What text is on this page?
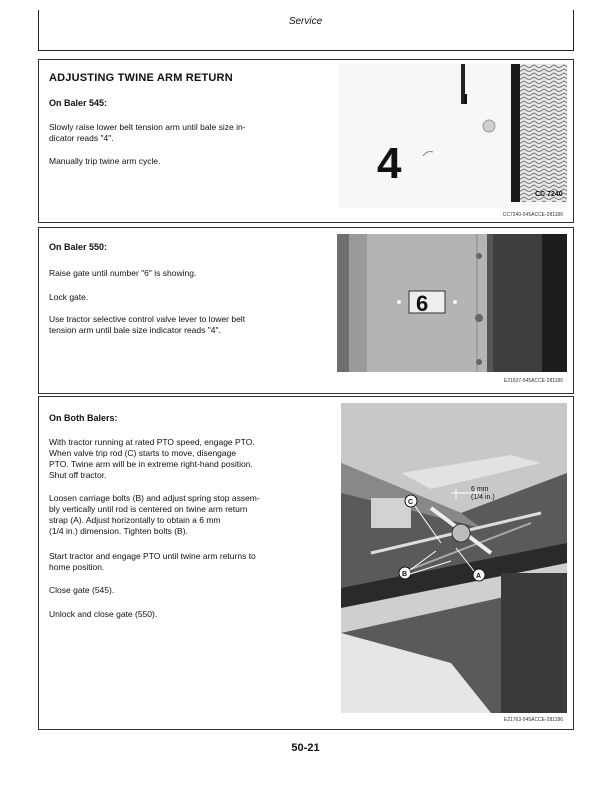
Service
ADJUSTING TWINE ARM RETURN
On Baler 545:
Slowly raise lower belt tension arm until bale size in-
dicator reads "4".
Manually trip twine arm cycle.	4
CC 7240
CC7240-545ACCE-281186
On Baler 550:
Raise gate until number "6" is showing.
Lock gate.
Use tractor selective control valve lever to lower belt
tension arm until bale size indicator reads "4".
6
E21637-545ACCE-281186
On Both Balers:
With tractor running at rated PTO speed, engage PTO.
When valve trip rod (C) starts to move, disengage
PTO. Twine arm will be in extreme right-hand position.
Shut off tractor.
Loosen carriage bolts (B) and adjust spring stop assem-
bly vertically until rod is centered on twine arm return
strap (A). Adjust horizontally to obtain a 6 mm
(1/4 in.) dimension. Tighten bolts (B).
Start tractor and engage PTO until twine arm returns to
home position.
Close gate (545).
Unlock and close gate (550).
6 mm
(1/4 in.)
C
B	A
E21763-545ACCE-281186
50-21
